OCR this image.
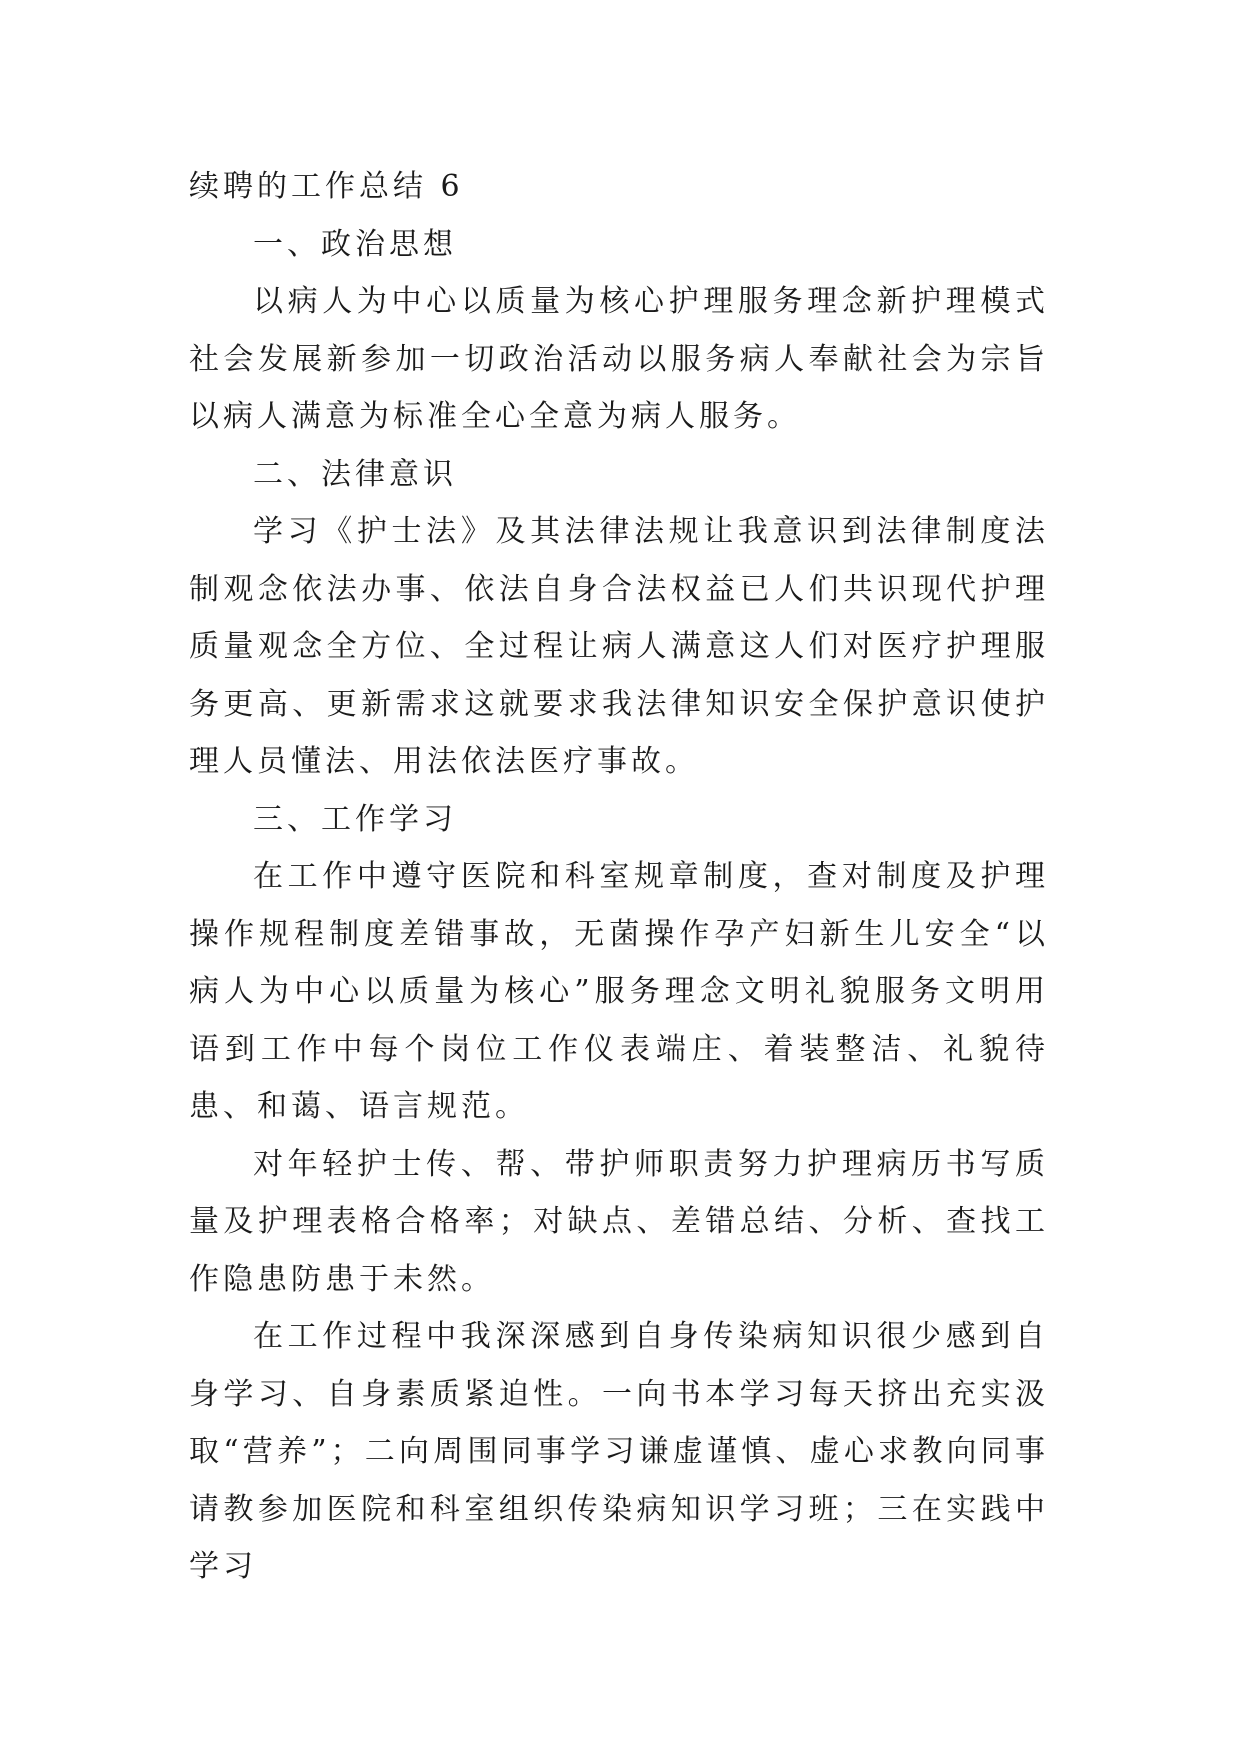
续聘的工作总结 6

一、政治思想

以病人为中心以质量为核心护理服务理念新护理模式社会发展新参加一切政治活动以服务病人奉献社会为宗旨以病人满意为标准全心全意为病人服务。

二、法律意识

学习《护士法》及其法律法规让我意识到法律制度法制观念依法办事、依法自身合法权益已人们共识现代护理质量观念全方位、全过程让病人满意这人们对医疗护理服务更高、更新需求这就要求我法律知识安全保护意识使护理人员懂法、用法依法医疗事故。

三、工作学习

在工作中遵守医院和科室规章制度，查对制度及护理操作规程制度差错事故，无菌操作孕产妇新生儿安全“以病人为中心以质量为核心”服务理念文明礼貌服务文明用语到工作中每个岗位工作仪表端庄、着装整洁、礼貌待患、和蔼、语言规范。

对年轻护士传、帮、带护师职责努力护理病历书写质量及护理表格合格率；对缺点、差错总结、分析、查找工作隐患防患于未然。

在工作过程中我深深感到自身传染病知识很少感到自身学习、自身素质紧迫性。一向书本学习每天挤出充实汲取“营养”；二向周围同事学习谦虚谨慎、虚心求教向同事请教参加医院和科室组织传染病知识学习班；三在实践中学习
